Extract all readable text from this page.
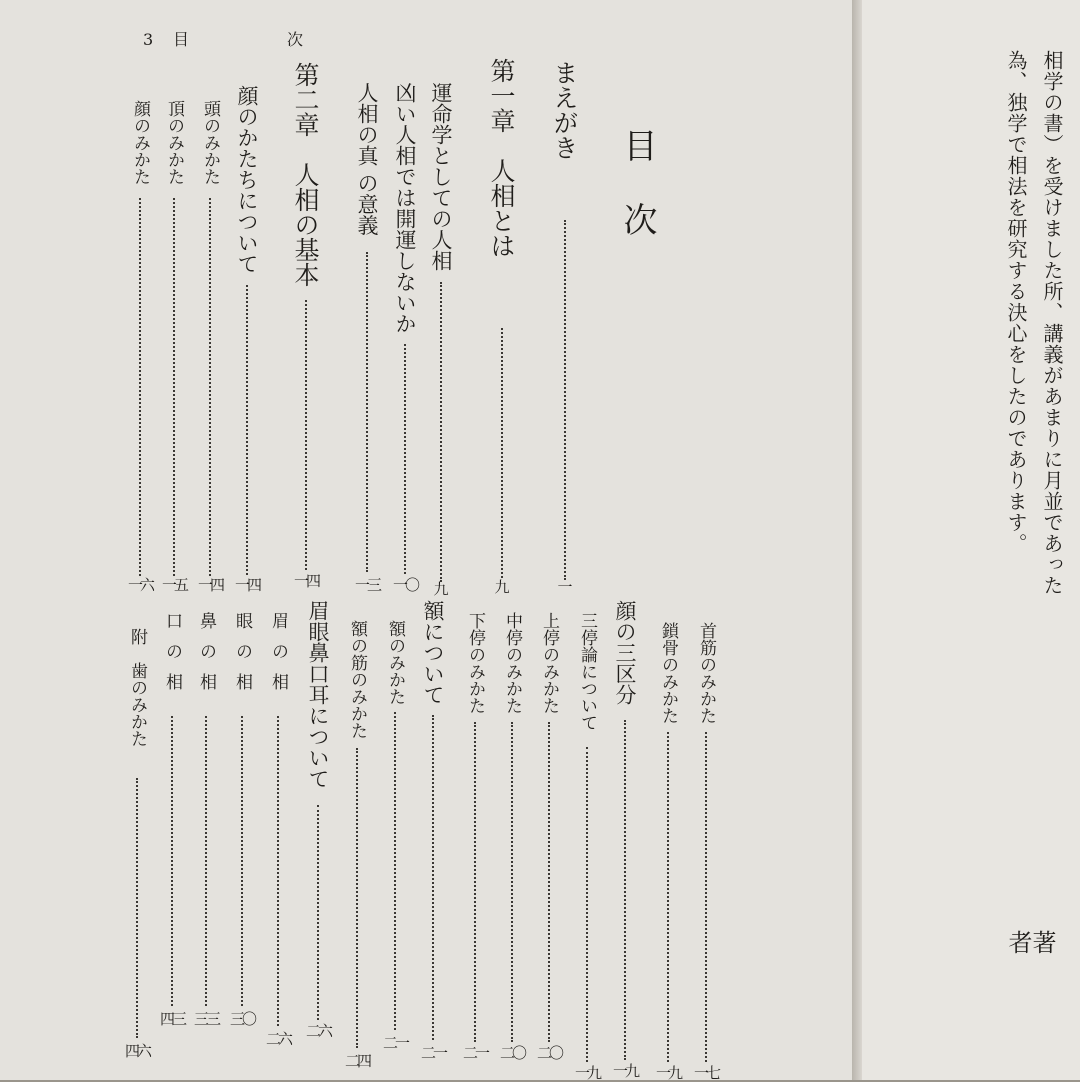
3 目　　次
目次
まえがき
一
第一章　人相とは
九
運命学としての人相
九
凶い人相では開運しないか
一〇
人相の真 の意義
一三
第二章　人相の基本
一四
顔のかたちについて
一四
頭のみかた
一四
頂のみかた
一五
顔のみかた
一六
首筋のみかた
一七
鎖骨のみかた
一九
顔の三区分
一九
三停論について
一九
上停のみかた
二〇
中停のみかた
二〇
下停のみかた
二一
額について
二一
額のみかた
二一
額の筋のみかた
二四
眉眼鼻口耳について
二六
眉 の 相
二六
眼 の 相
三〇
鼻 の 相
三三
口 の 相
四三
附　歯のみかた
四六
相学の書）を受けました所、講義があまりに月並であった
為、独学で相法を研究する決心をしたのであります。
著者
